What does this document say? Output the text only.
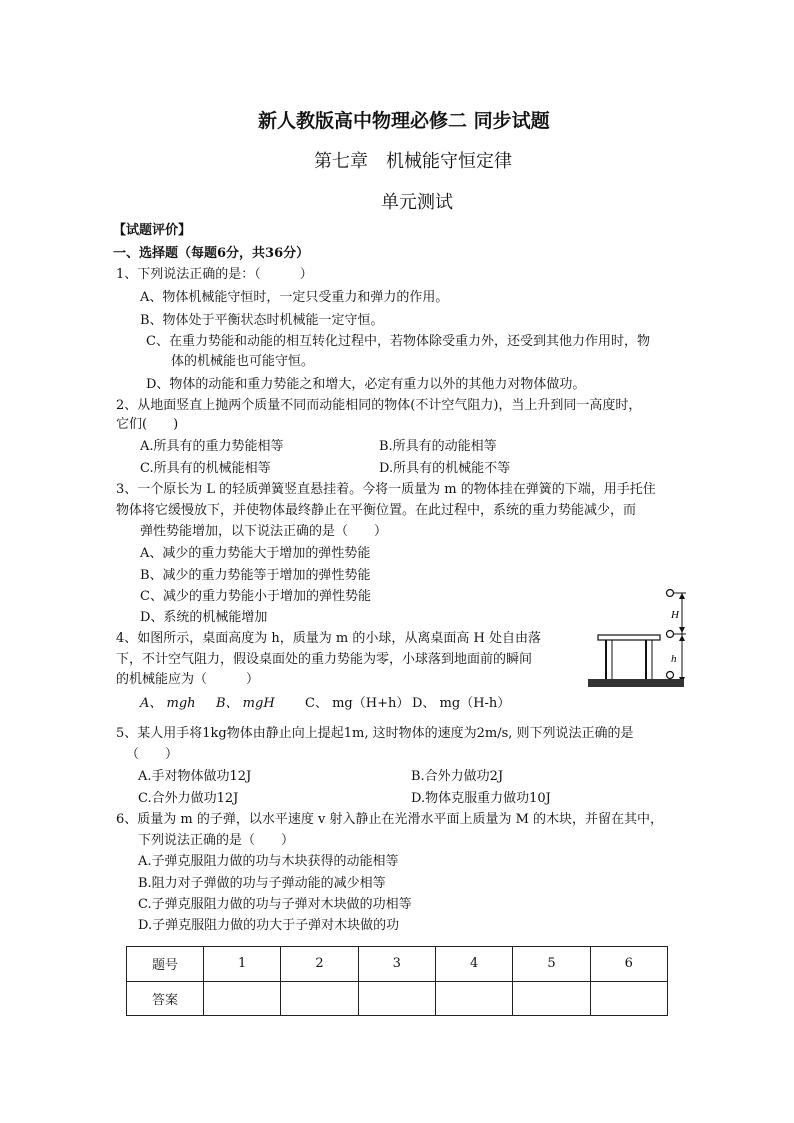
新人教版高中物理必修二 同步试题
第七章　机械能守恒定律
单元测试
【试题评价】
一、选择题（每题6分，共36分）
1、下列说法正确的是：（　　　）
A、物体机械能守恒时，一定只受重力和弹力的作用。
B、物体处于平衡状态时机械能一定守恒。
C、在重力势能和动能的相互转化过程中，若物体除受重力外，还受到其他力作用时，物
体的机械能也可能守恒。
D、物体的动能和重力势能之和增大，必定有重力以外的其他力对物体做功。
2、从地面竖直上抛两个质量不同而动能相同的物体(不计空气阻力)，当上升到同一高度时，
它们(　　)
A.所具有的重力势能相等	B.所具有的动能相等
C.所具有的机械能相等	D.所具有的机械能不等
3、一个原长为 L 的轻质弹簧竖直悬挂着。今将一质量为 m 的物体挂在弹簧的下端，用手托住
物体将它缓慢放下，并使物体最终静止在平衡位置。在此过程中，系统的重力势能减少，而
弹性势能增加，以下说法正确的是（　　）
A、减少的重力势能大于增加的弹性势能
B、减少的重力势能等于增加的弹性势能
C、减少的重力势能小于增加的弹性势能
D、系统的机械能增加
4、如图所示，桌面高度为 h，质量为 m 的小球，从离桌面高 H 处自由落
下，不计空气阻力，假设桌面处的重力势能为零，小球落到地面前的瞬间
的机械能应为（　　　）
A、 mgh B、 mgH C、 mg（H+h） D、 mg（H-h）
H
h
5、某人用手将1kg物体由静止向上提起1m, 这时物体的速度为2m/s, 则下列说法正确的是
（　　）
A.手对物体做功12J	B.合外力做功2J
C.合外力做功12J	D.物体克服重力做功10J
6、质量为 m 的子弹，以水平速度 v 射入静止在光滑水平面上质量为 M 的木块，并留在其中，
下列说法正确的是（　　）
A.子弹克服阻力做的功与木块获得的动能相等
B.阻力对子弹做的功与子弹动能的减少相等
C.子弹克服阻力做的功与子弹对木块做的功相等
D.子弹克服阻力做的功大于子弹对木块做的功
题号	1	2	3	4	5	6
答案						
